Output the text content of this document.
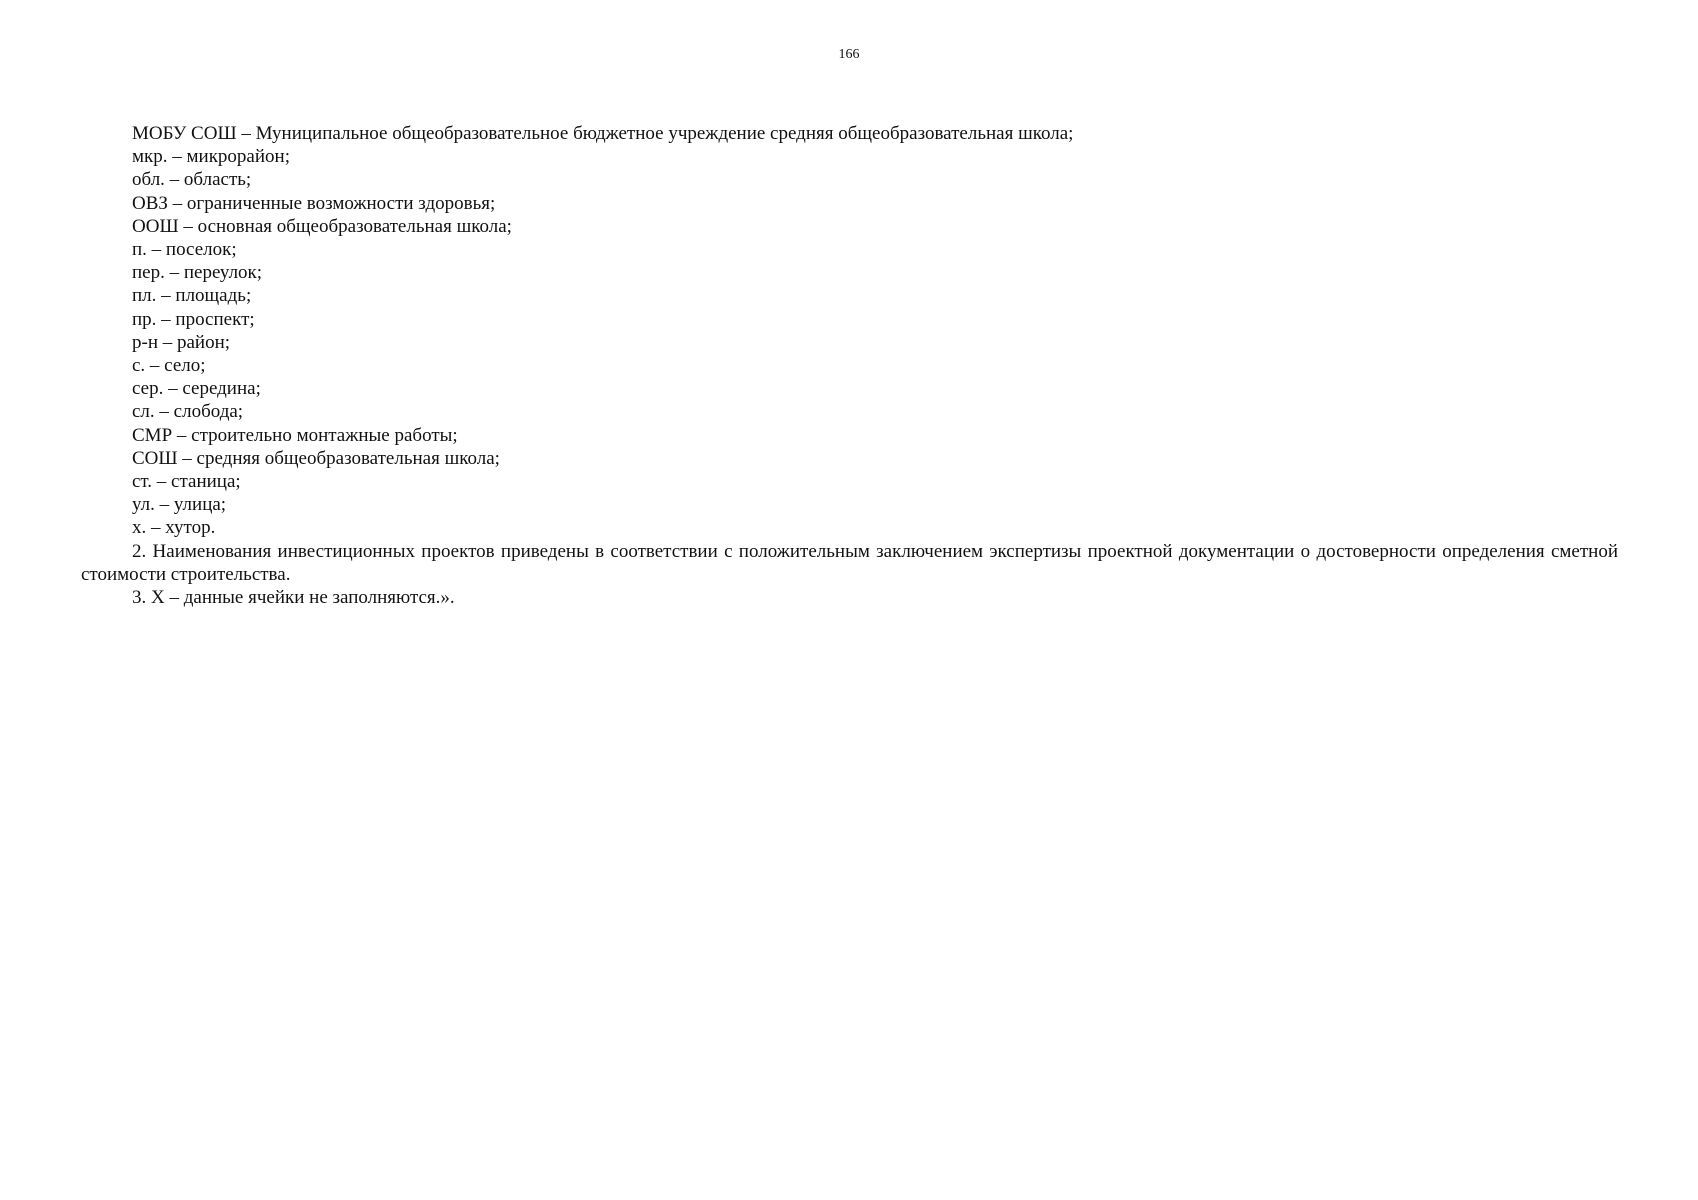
166
МОБУ СОШ – Муниципальное общеобразовательное бюджетное учреждение средняя общеобразовательная школа;
мкр. – микрорайон;
обл. – область;
ОВЗ – ограниченные возможности здоровья;
ООШ – основная общеобразовательная школа;
п. – поселок;
пер. – переулок;
пл. – площадь;
пр. – проспект;
р-н – район;
с. – село;
сер. – середина;
сл. – слобода;
СМР – строительно монтажные работы;
СОШ – средняя общеобразовательная школа;
ст. – станица;
ул. – улица;
х. – хутор.

2. Наименования инвестиционных проектов приведены в соответствии с положительным заключением экспертизы проектной документации о достоверности определения сметной стоимости строительства.

3. Х – данные ячейки не заполняются.».
